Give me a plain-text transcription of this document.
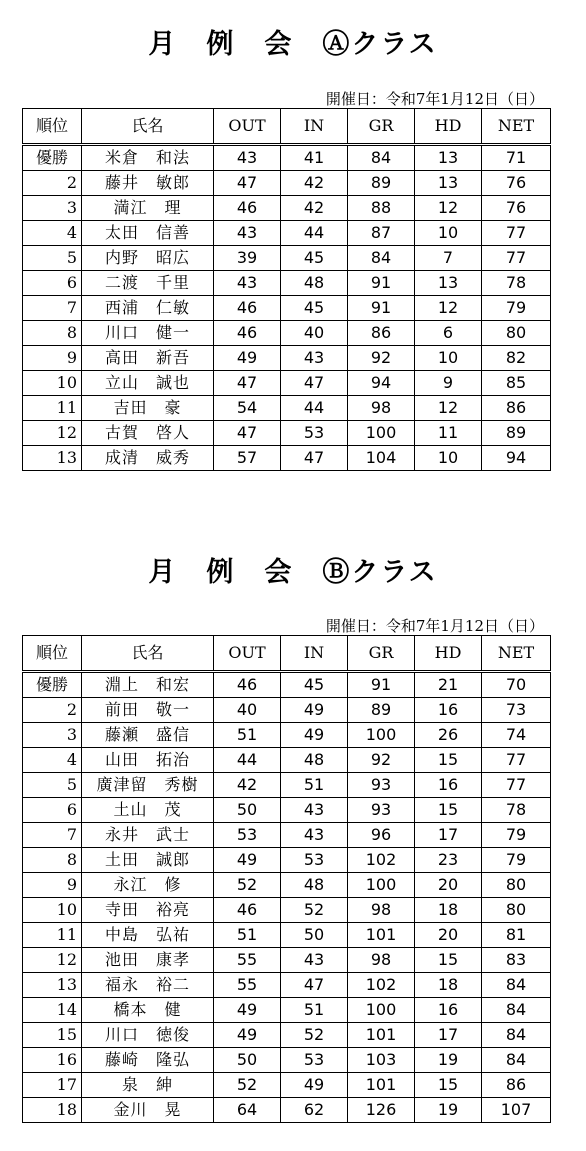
月　例　会　Ⓐクラス
開催日：令和7年1月12日（日）
順位	氏名	OUT	IN	GR	HD	NET
優勝	米倉　和法	43	41	84	13	71
2	藤井　敏郎	47	42	89	13	76
3	満江　理	46	42	88	12	76
4	太田　信善	43	44	87	10	77
5	内野　昭広	39	45	84	7	77
6	二渡　千里	43	48	91	13	78
7	西浦　仁敏	46	45	91	12	79
8	川口　健一	46	40	86	6	80
9	高田　新吾	49	43	92	10	82
10	立山　誠也	47	47	94	9	85
11	吉田　豪	54	44	98	12	86
12	古賀　啓人	47	53	100	11	89
13	成清　威秀	57	47	104	10	94
月　例　会　Ⓑクラス
開催日：令和7年1月12日（日）
順位	氏名	OUT	IN	GR	HD	NET
優勝	淵上　和宏	46	45	91	21	70
2	前田　敬一	40	49	89	16	73
3	藤瀬　盛信	51	49	100	26	74
4	山田　拓治	44	48	92	15	77
5	廣津留　秀樹	42	51	93	16	77
6	土山　茂	50	43	93	15	78
7	永井　武士	53	43	96	17	79
8	土田　誠郎	49	53	102	23	79
9	永江　修	52	48	100	20	80
10	寺田　裕亮	46	52	98	18	80
11	中島　弘祐	51	50	101	20	81
12	池田　康孝	55	43	98	15	83
13	福永　裕二	55	47	102	18	84
14	橋本　健	49	51	100	16	84
15	川口　徳俊	49	52	101	17	84
16	藤崎　隆弘	50	53	103	19	84
17	泉　紳	52	49	101	15	86
18	金川　晃	64	62	126	19	107
